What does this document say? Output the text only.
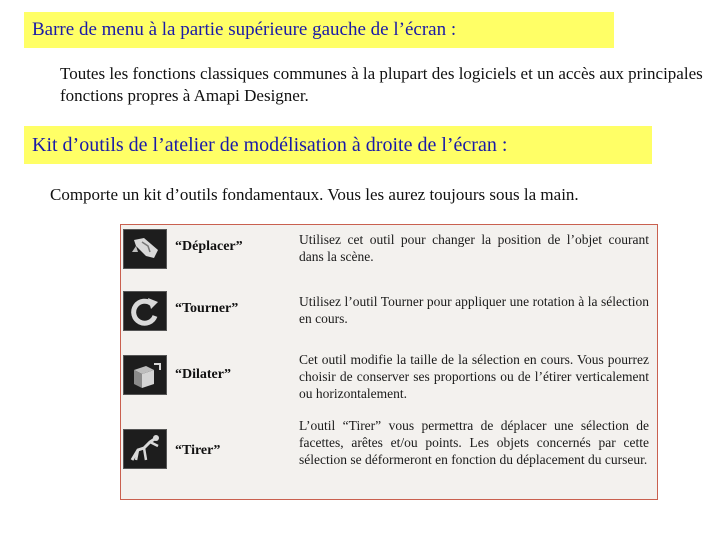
Barre de menu à la partie supérieure gauche de l’écran :
Toutes les fonctions classiques communes à la plupart des logiciels et un accès aux principales fonctions propres à Amapi Designer.
Kit d’outils de l’atelier de modélisation à droite de l’écran :
Comporte un kit d’outils fondamentaux. Vous les aurez toujours sous la main.
“Déplacer”	Utilisez cet outil pour changer la position de l’objet courant dans la scène.
“Tourner”	Utilisez l’outil Tourner pour appliquer une rotation à la sélection en cours.
“Dilater”
Cet outil modifie la taille de la sélection en cours. Vous pourrez choisir de conserver ses proportions ou de l’étirer verticalement ou horizontalement.
“Tirer”
L’outil “Tirer” vous permettra de déplacer une sélection de facettes, arêtes et/ou points. Les objets concernés par cette sélection se déformeront en fonction du déplacement du curseur.
